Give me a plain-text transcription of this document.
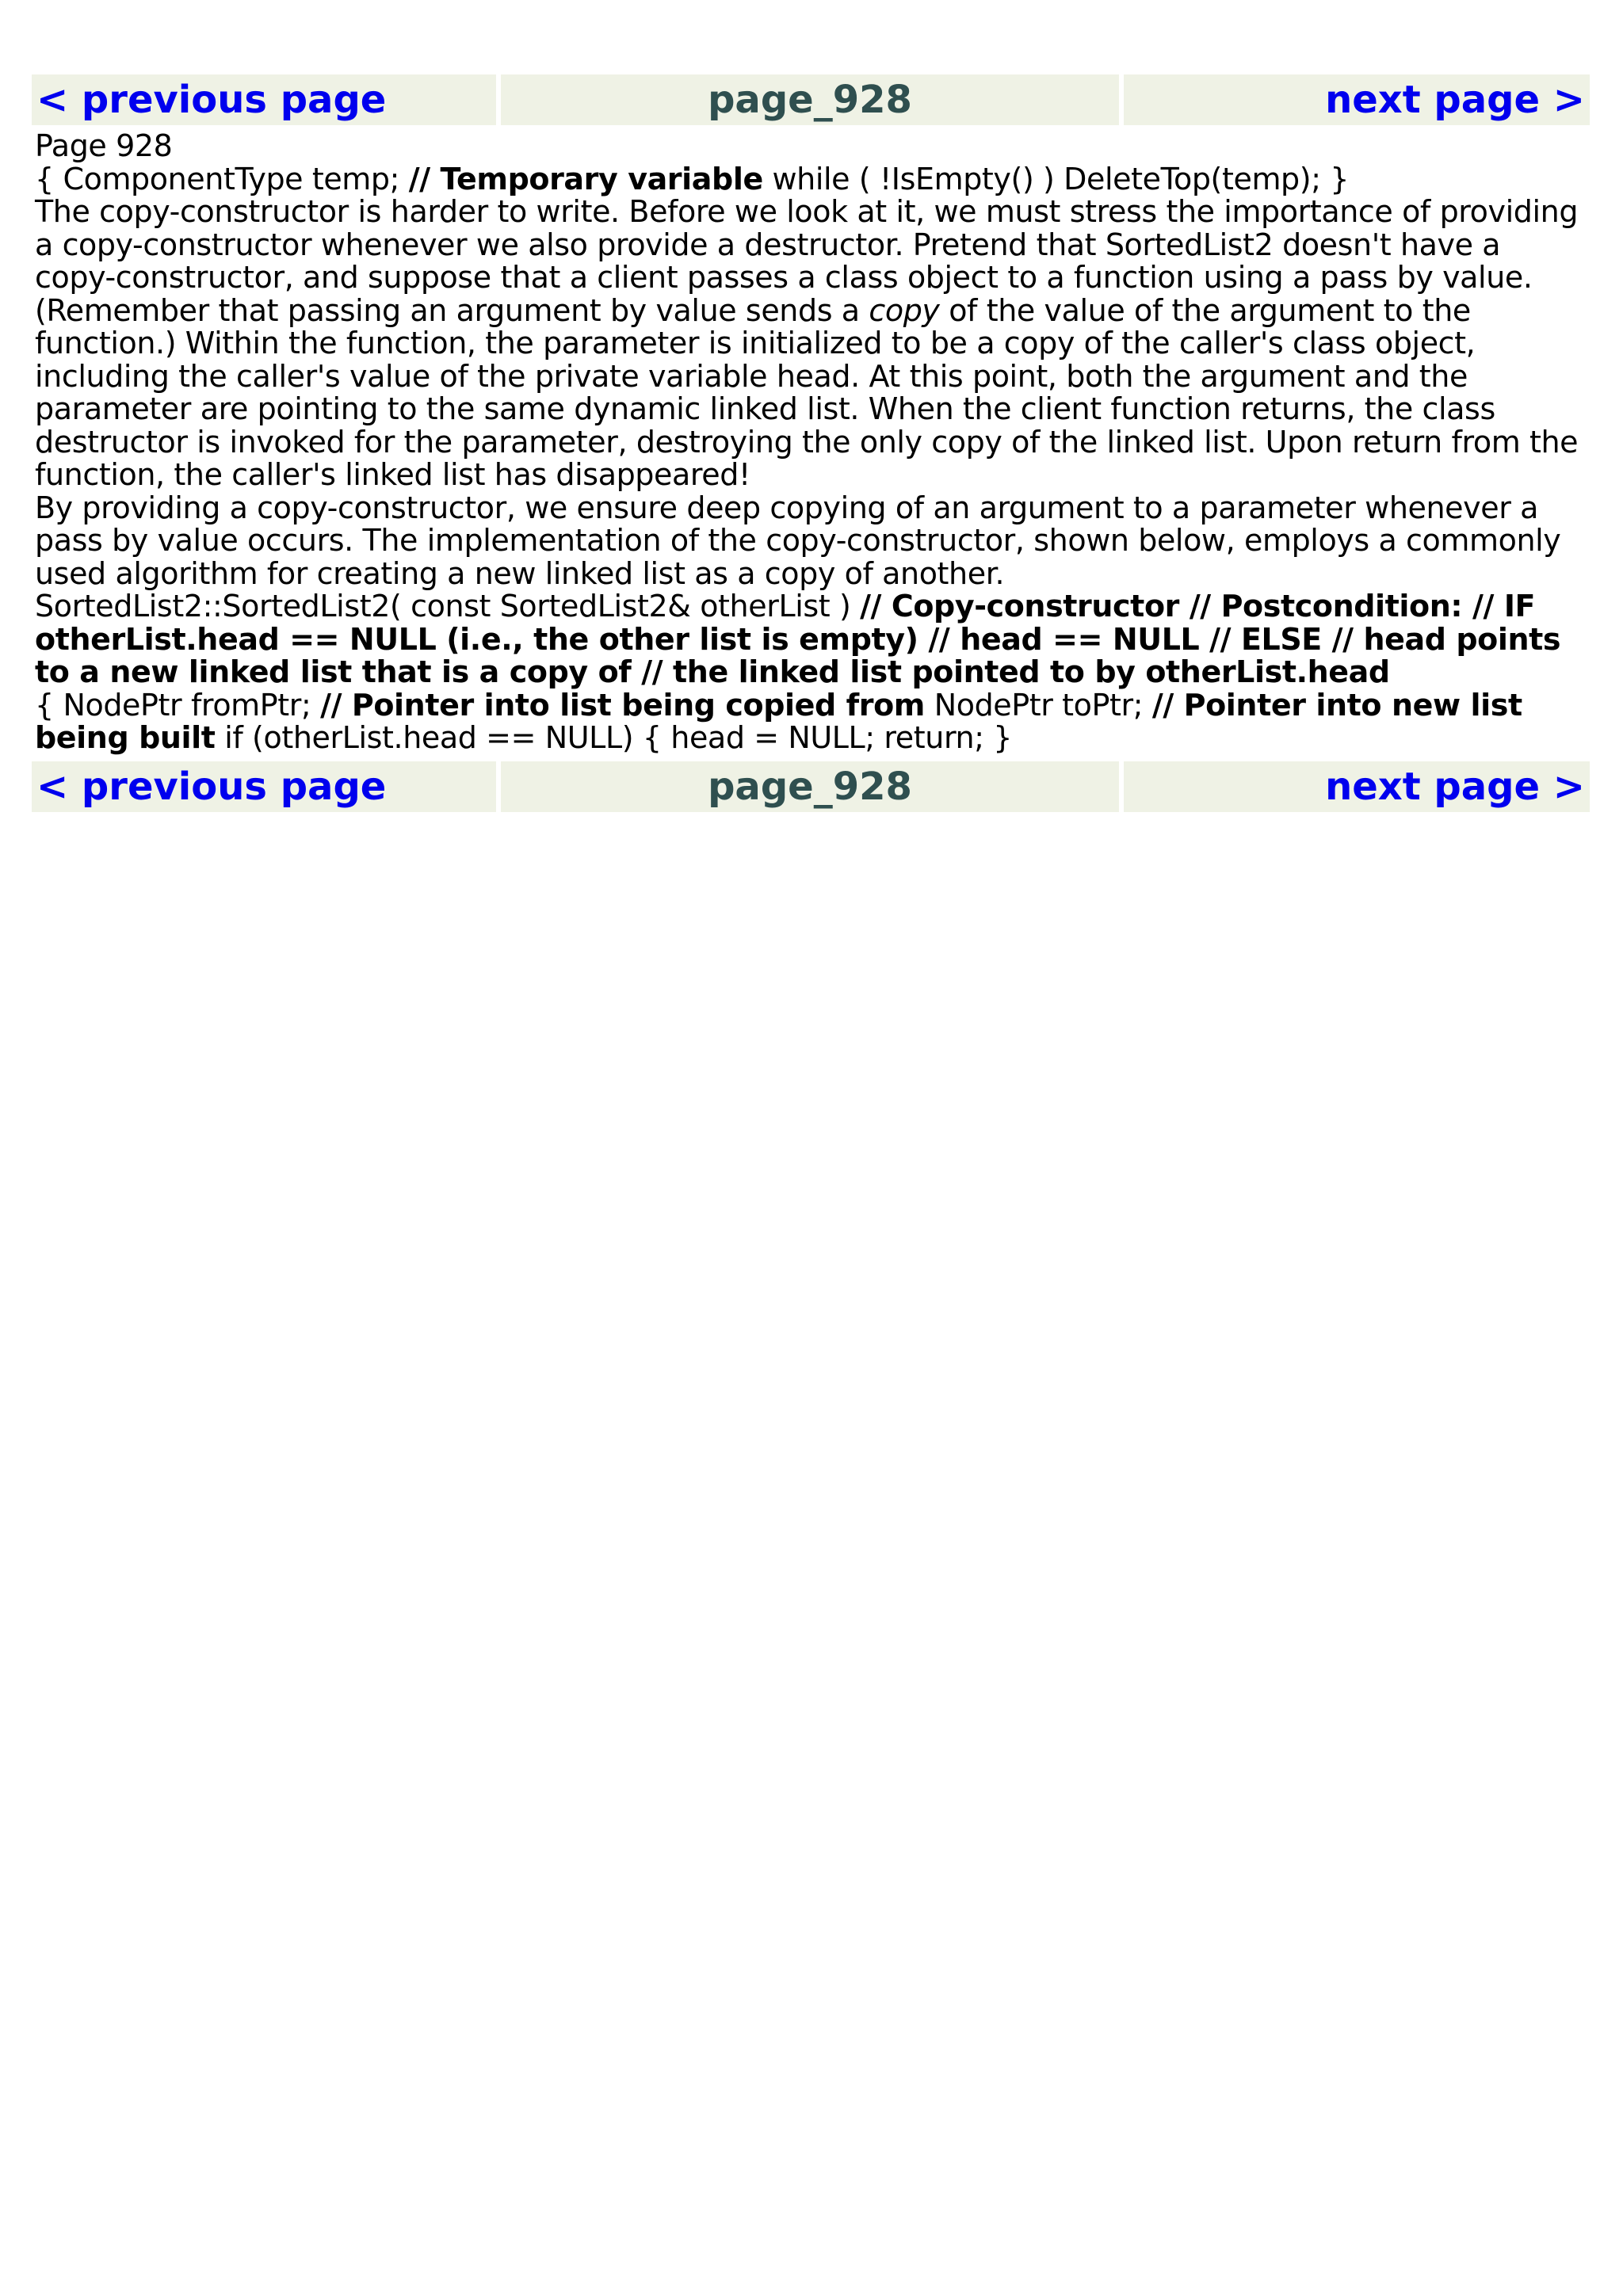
< previous page	page_928	next page >

Page 928

{ ComponentType temp; // Temporary variable while ( !IsEmpty() ) DeleteTop(temp); }

The copy-constructor is harder to write. Before we look at it, we must stress the importance of providing a copy-constructor whenever we also provide a destructor. Pretend that SortedList2 doesn't have a copy-constructor, and suppose that a client passes a class object to a function using a pass by value. (Remember that passing an argument by value sends a copy of the value of the argument to the function.) Within the function, the parameter is initialized to be a copy of the caller's class object, including the caller's value of the private variable head. At this point, both the argument and the parameter are pointing to the same dynamic linked list. When the client function returns, the class destructor is invoked for the parameter, destroying the only copy of the linked list. Upon return from the function, the caller's linked list has disappeared!

By providing a copy-constructor, we ensure deep copying of an argument to a parameter whenever a pass by value occurs. The implementation of the copy-constructor, shown below, employs a commonly used algorithm for creating a new linked list as a copy of another.

SortedList2::SortedList2( const SortedList2& otherList ) // Copy-constructor // Postcondition: // IF otherList.head == NULL (i.e., the other list is empty) // head == NULL // ELSE // head points to a new linked list that is a copy of // the linked list pointed to by otherList.head

{ NodePtr fromPtr; // Pointer into list being copied from NodePtr toPtr; // Pointer into new list being built if (otherList.head == NULL) { head = NULL; return; }

< previous page	page_928	next page >
